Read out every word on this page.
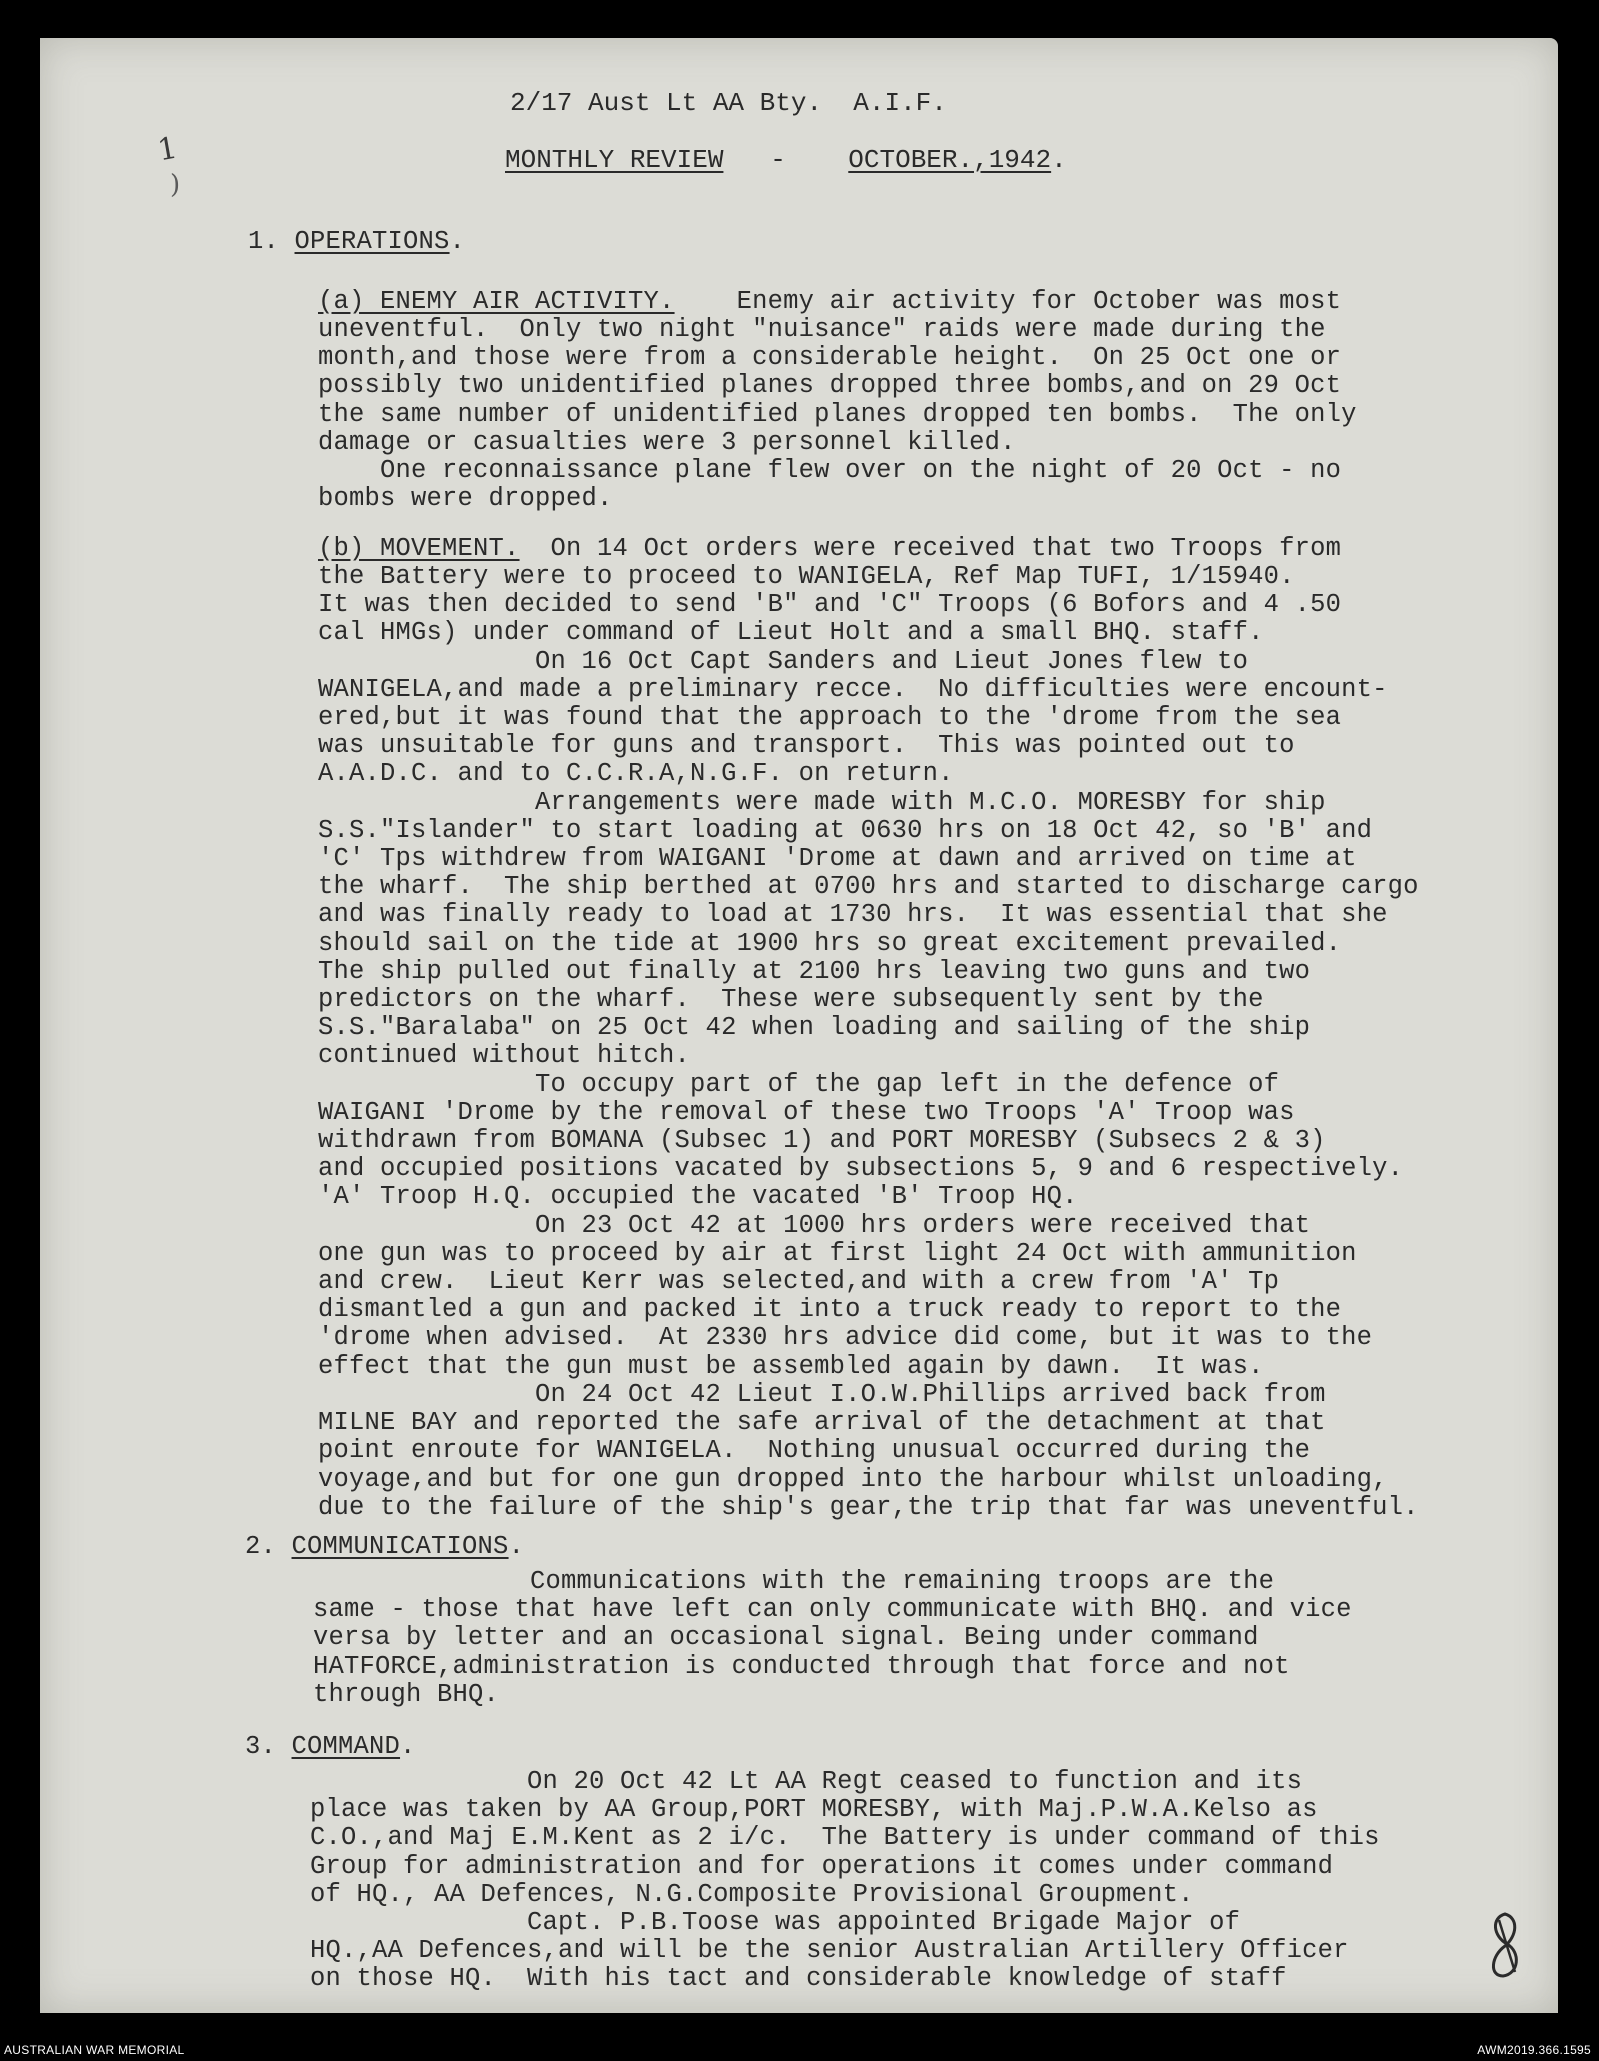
1
)
2/17 Aust Lt AA Bty.  A.I.F.
MONTHLY REVIEW - OCTOBER.,1942.
1. OPERATIONS.
(a) ENEMY AIR ACTIVITY.    Enemy air activity for October was most
uneventful.  Only two night "nuisance" raids were made during the
month,and those were from a considerable height.  On 25 Oct one or
possibly two unidentified planes dropped three bombs,and on 29 Oct
the same number of unidentified planes dropped ten bombs.  The only
damage or casualties were 3 personnel killed.
One reconnaissance plane flew over on the night of 20 Oct - no
bombs were dropped.
(b) MOVEMENT.  On 14 Oct orders were received that two Troops from
the Battery were to proceed to WANIGELA, Ref Map TUFI, 1/15940.
It was then decided to send 'B" and 'C" Troops (6 Bofors and 4 .50
cal HMGs) under command of Lieut Holt and a small BHQ. staff.
On 16 Oct Capt Sanders and Lieut Jones flew to
WANIGELA,and made a preliminary recce.  No difficulties were encount-
ered,but it was found that the approach to the 'drome from the sea
was unsuitable for guns and transport.  This was pointed out to
A.A.D.C. and to C.C.R.A,N.G.F. on return.
Arrangements were made with M.C.O. MORESBY for ship
S.S."Islander" to start loading at 0630 hrs on 18 Oct 42, so 'B' and
'C' Tps withdrew from WAIGANI 'Drome at dawn and arrived on time at
the wharf.  The ship berthed at 0700 hrs and started to discharge cargo
and was finally ready to load at 1730 hrs.  It was essential that she
should sail on the tide at 1900 hrs so great excitement prevailed.
The ship pulled out finally at 2100 hrs leaving two guns and two
predictors on the wharf.  These were subsequently sent by the
S.S."Baralaba" on 25 Oct 42 when loading and sailing of the ship
continued without hitch.
To occupy part of the gap left in the defence of
WAIGANI 'Drome by the removal of these two Troops 'A' Troop was
withdrawn from BOMANA (Subsec 1) and PORT MORESBY (Subsecs 2 & 3)
and occupied positions vacated by subsections 5, 9 and 6 respectively.
'A' Troop H.Q. occupied the vacated 'B' Troop HQ.
On 23 Oct 42 at 1000 hrs orders were received that
one gun was to proceed by air at first light 24 Oct with ammunition
and crew.  Lieut Kerr was selected,and with a crew from 'A' Tp
dismantled a gun and packed it into a truck ready to report to the
'drome when advised.  At 2330 hrs advice did come, but it was to the
effect that the gun must be assembled again by dawn.  It was.
On 24 Oct 42 Lieut I.O.W.Phillips arrived back from
MILNE BAY and reported the safe arrival of the detachment at that
point enroute for WANIGELA.  Nothing unusual occurred during the
voyage,and but for one gun dropped into the harbour whilst unloading,
due to the failure of the ship's gear,the trip that far was uneventful.
2. COMMUNICATIONS.
Communications with the remaining troops are the
same - those that have left can only communicate with BHQ. and vice
versa by letter and an occasional signal. Being under command
HATFORCE,administration is conducted through that force and not
through BHQ.
3. COMMAND.
On 20 Oct 42 Lt AA Regt ceased to function and its
place was taken by AA Group,PORT MORESBY, with Maj.P.W.A.Kelso as
C.O.,and Maj E.M.Kent as 2 i/c.  The Battery is under command of this
Group for administration and for operations it comes under command
of HQ., AA Defences, N.G.Composite Provisional Groupment.
Capt. P.B.Toose was appointed Brigade Major of
HQ.,AA Defences,and will be the senior Australian Artillery Officer
on those HQ.  With his tact and considerable knowledge of staff
AUSTRALIAN WAR MEMORIAL	AWM2019.366.1595
